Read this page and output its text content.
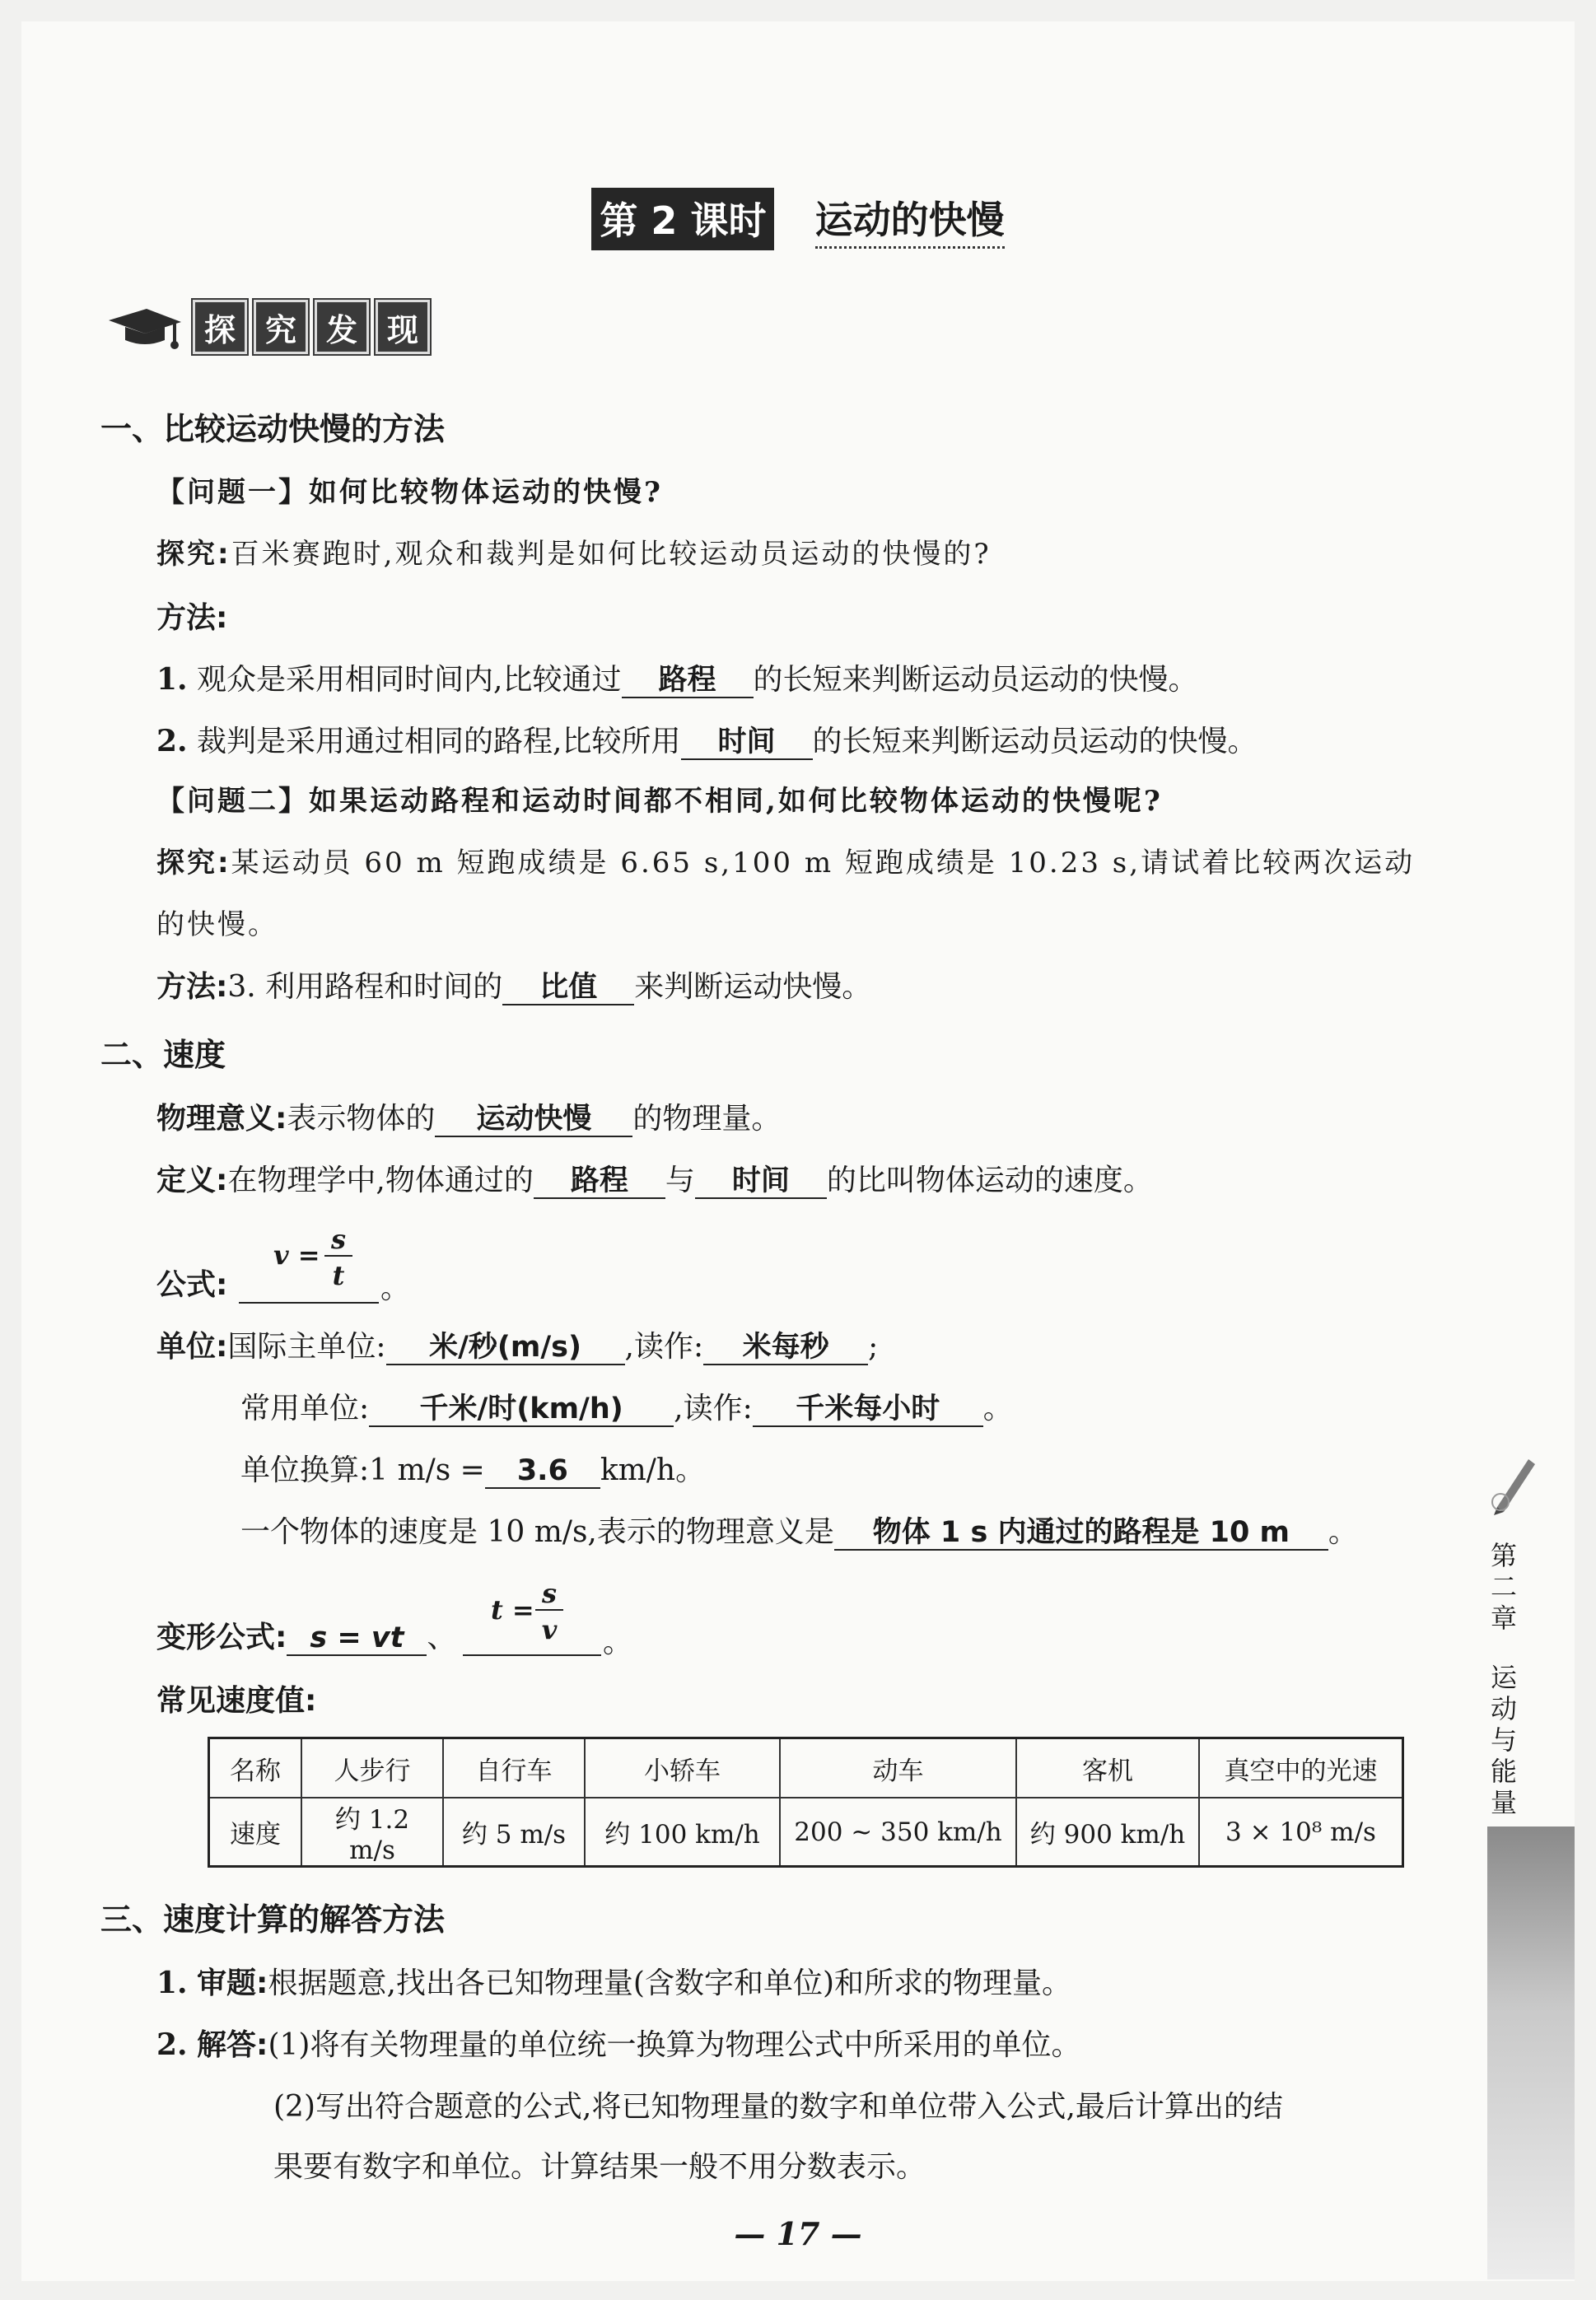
第 2 课时 运动的快慢
探 究 发 现
一、比较运动快慢的方法
【问题一】如何比较物体运动的快慢?
探究:百米赛跑时,观众和裁判是如何比较运动员运动的快慢的?
方法:
1. 观众是采用相同时间内,比较通过 路程 的长短来判断运动员运动的快慢。
2. 裁判是采用通过相同的路程,比较所用 时间 的长短来判断运动员运动的快慢。
【问题二】如果运动路程和运动时间都不相同,如何比较物体运动的快慢呢?
探究:某运动员 60 m 短跑成绩是 6.65 s,100 m 短跑成绩是 10.23 s,请试着比较两次运动
的快慢。
方法:3. 利用路程和时间的 比值 来判断运动快慢。
二、速度
物理意义:表示物体的 运动快慢 的物理量。
定义:在物理学中,物体通过的 路程 与 时间 的比叫物体运动的速度。
公式:
v = s
t 。
单位:国际主单位: 米/秒(m/s) ,读作: 米每秒 ;
常用单位: 千米/时(km/h) ,读作: 千米每小时 。
单位换算:1 m/s = 3.6 km/h。
一个物体的速度是 10 m/s,表示的物理意义是 物体 1 s 内通过的路程是 10 m 。
变形公式: s = vt 、
t =
s
v 。
常见速度值:
名称	人步行	自行车	小轿车	动车	客机	真空中的光速
速度	约 1.2 m/s	约 5 m/s	约 100 km/h	200 ~ 350 km/h	约 900 km/h	3 × 10⁸ m/s
三、速度计算的解答方法
1. 审题:根据题意,找出各已知物理量(含数字和单位)和所求的物理量。
2. 解答:(1)将有关物理量的单位统一换算为物理公式中所采用的单位。
(2)写出符合题意的公式,将已知物理量的数字和单位带入公式,最后计算出的结
果要有数字和单位。计算结果一般不用分数表示。
第
二
章
运
动
与
能
量
— 17 —
